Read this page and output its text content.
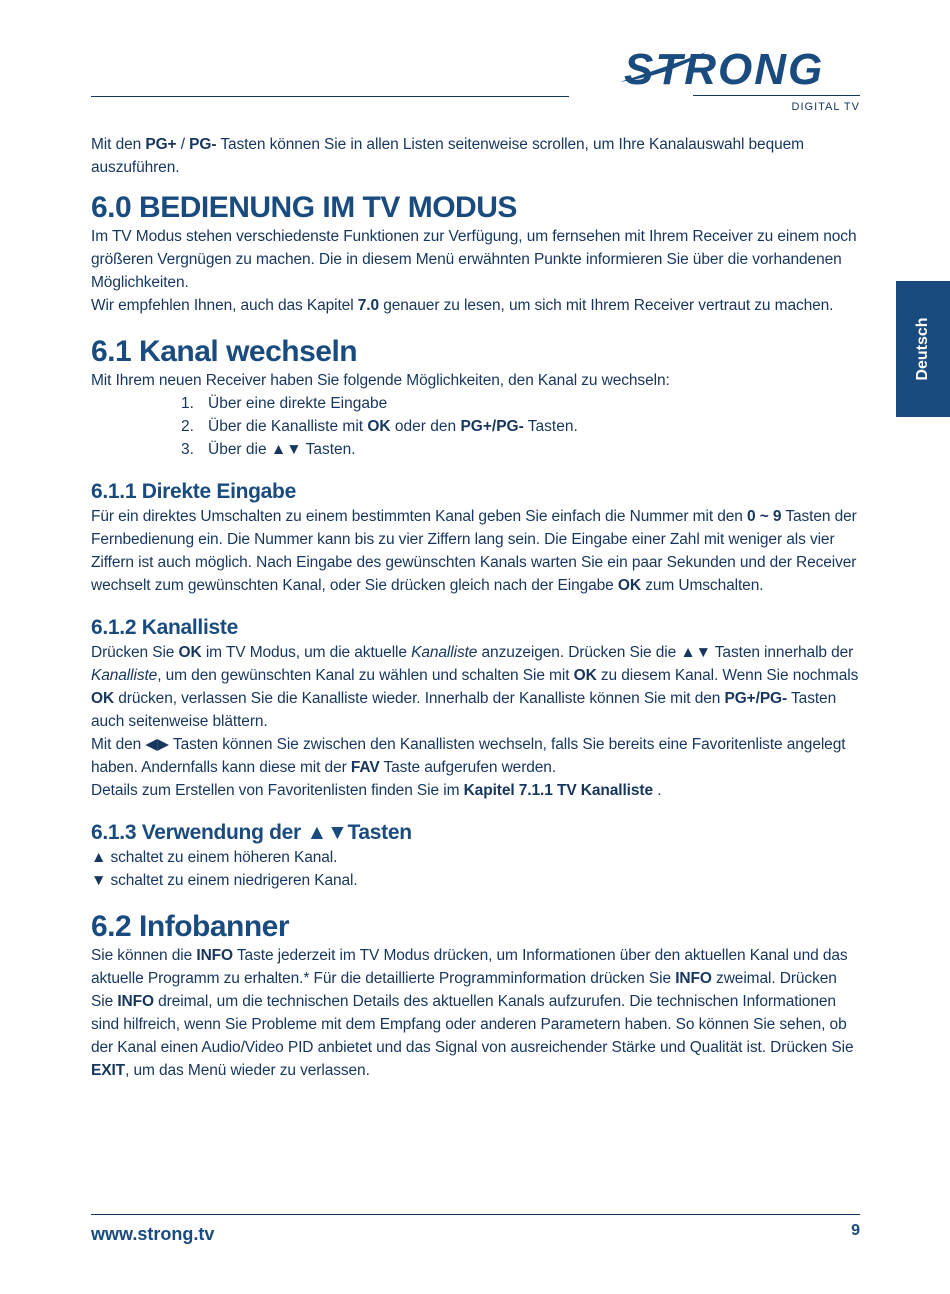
STRONG
DIGITAL TV
Deutsch

Mit den PG+ / PG- Tasten können Sie in allen Listen seitenweise scrollen, um Ihre Kanalauswahl bequem auszuführen.

6.0 BEDIENUNG IM TV MODUS

Im TV Modus stehen verschiedenste Funktionen zur Verfügung, um fernsehen mit Ihrem Receiver zu einem noch größeren Vergnügen zu machen. Die in diesem Menü erwähnten Punkte informieren Sie über die vorhandenen Möglichkeiten.

Wir empfehlen Ihnen, auch das Kapitel 7.0 genauer zu lesen, um sich mit Ihrem Receiver vertraut zu machen.

6.1 Kanal wechseln

Mit Ihrem neuen Receiver haben Sie folgende Möglichkeiten, den Kanal zu wechseln:

1. Über eine direkte Eingabe
2. Über die Kanalliste mit OK oder den PG+/PG- Tasten.
3. Über die ▲▼ Tasten.
6.1.1 Direkte Eingabe

Für ein direktes Umschalten zu einem bestimmten Kanal geben Sie einfach die Nummer mit den 0 ~ 9 Tasten der Fernbedienung ein. Die Nummer kann bis zu vier Ziffern lang sein. Die Eingabe einer Zahl mit weniger als vier Ziffern ist auch möglich. Nach Eingabe des gewünschten Kanals warten Sie ein paar Sekunden und der Receiver wechselt zum gewünschten Kanal, oder Sie drücken gleich nach der Eingabe OK zum Umschalten.

6.1.2 Kanalliste

Drücken Sie OK im TV Modus, um die aktuelle Kanalliste anzuzeigen. Drücken Sie die ▲▼ Tasten innerhalb der Kanalliste, um den gewünschten Kanal zu wählen und schalten Sie mit OK zu diesem Kanal. Wenn Sie nochmals OK drücken, verlassen Sie die Kanalliste wieder. Innerhalb der Kanalliste können Sie mit den PG+/PG- Tasten auch seitenweise blättern.

Mit den ◀▶ Tasten können Sie zwischen den Kanallisten wechseln, falls Sie bereits eine Favoritenliste angelegt haben. Andernfalls kann diese mit der FAV Taste aufgerufen werden.

Details zum Erstellen von Favoritenlisten finden Sie im Kapitel 7.1.1 TV Kanalliste .

6.1.3 Verwendung der ▲▼Tasten

▲ schaltet zu einem höheren Kanal.

▼ schaltet zu einem niedrigeren Kanal.

6.2 Infobanner

Sie können die INFO Taste jederzeit im TV Modus drücken, um Informationen über den aktuellen Kanal und das aktuelle Programm zu erhalten.* Für die detaillierte Programminformation drücken Sie INFO zweimal. Drücken Sie INFO dreimal, um die technischen Details des aktuellen Kanals aufzurufen. Die technischen Informationen sind hilfreich, wenn Sie Probleme mit dem Empfang oder anderen Parametern haben. So können Sie sehen, ob der Kanal einen Audio/Video PID anbietet und das Signal von ausreichender Stärke und Qualität ist. Drücken Sie EXIT, um das Menü wieder zu verlassen.

www.strong.tv	9
